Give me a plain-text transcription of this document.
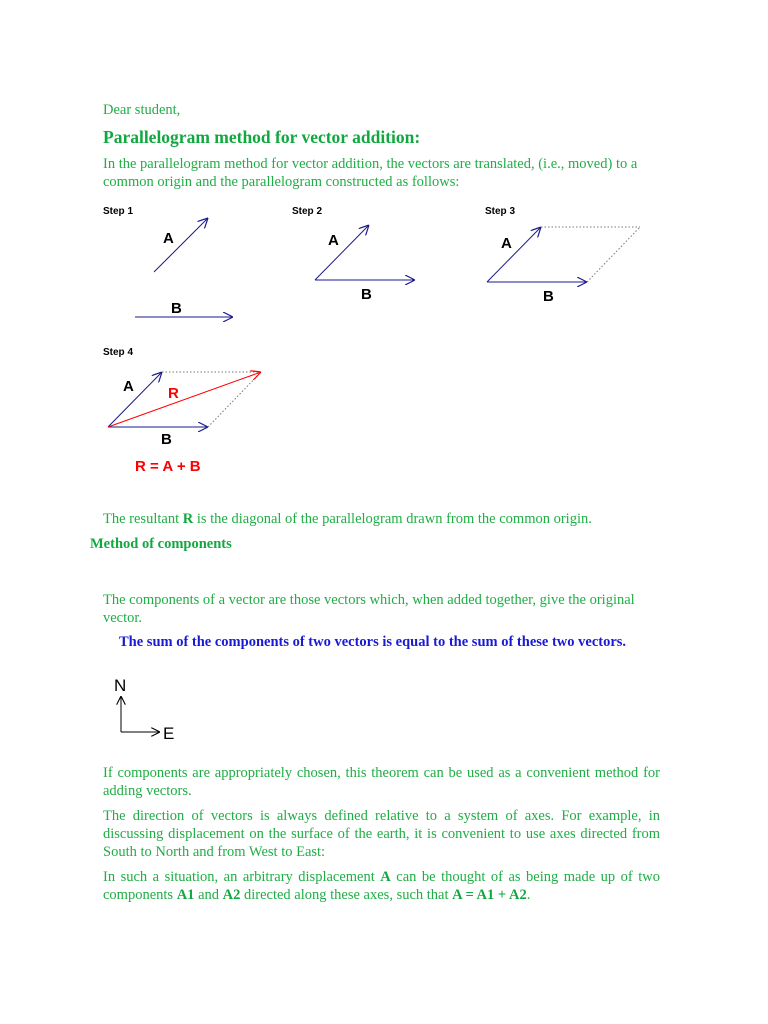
Dear student,
Parallelogram method for vector addition:
In the parallelogram method for vector addition, the vectors are translated, (i.e., moved) to a common origin and the parallelogram constructed as follows:
Step 1
A
B
Step 2
A
B
Step 3
A
B
Step 4
A
B
R
R = A + B
The resultant R is the diagonal of the parallelogram drawn from the common origin.
Method of components
The components of a vector are those vectors which, when added together, give the original vector.
The sum of the components of two vectors is equal to the sum of these two vectors.
N
E
If components are appropriately chosen, this theorem can be used as a convenient method for adding vectors.
The direction of vectors is always defined relative to a system of axes. For example, in discussing displacement on the surface of the earth, it is convenient to use axes directed from South to North and from West to East:
In such a situation, an arbitrary displacement A can be thought of as being made up of two components A1 and A2 directed along these axes, such that A = A1 + A2.
